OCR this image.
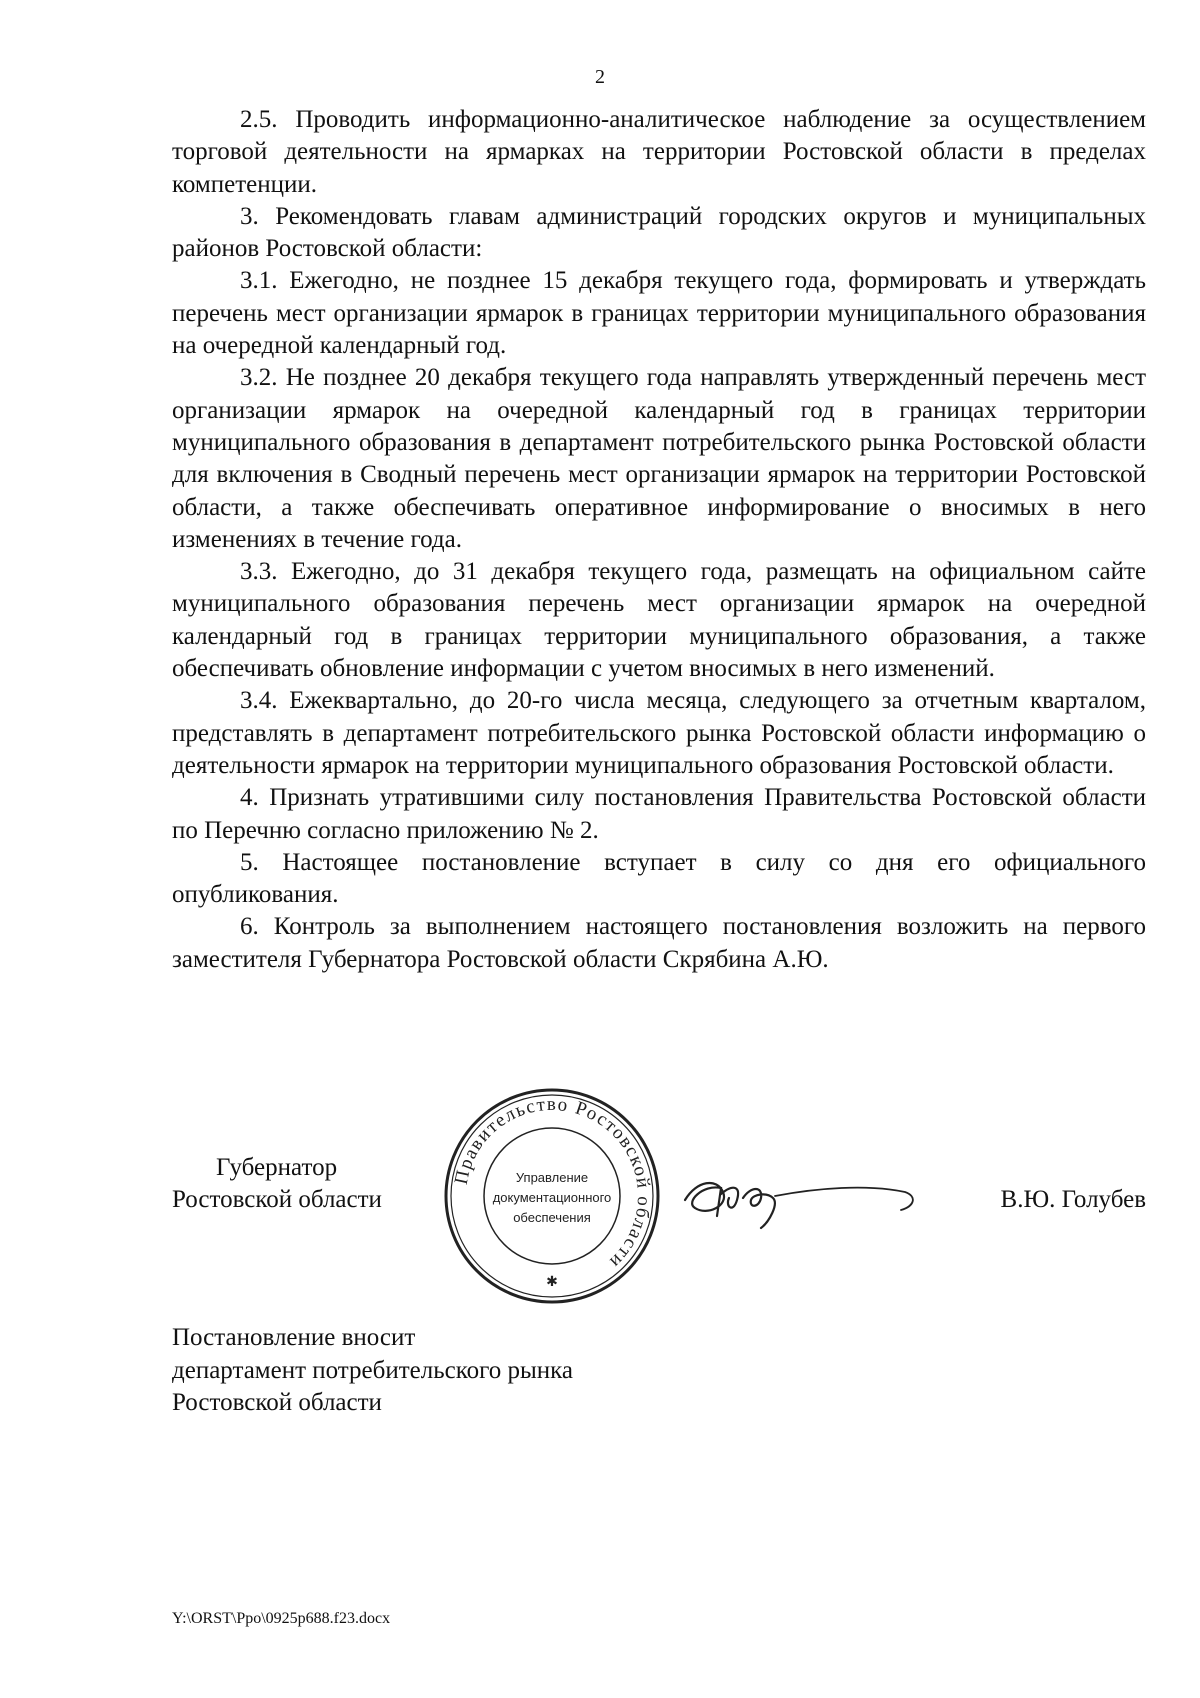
2

2.5. Проводить информационно-аналитическое наблюдение за осуществлением торговой деятельности на ярмарках на территории Ростовской области в пределах компетенции.

3. Рекомендовать главам администраций городских округов и муниципальных районов Ростовской области:

3.1. Ежегодно, не позднее 15 декабря текущего года, формировать и утверждать перечень мест организации ярмарок в границах территории муниципального образования на очередной календарный год.

3.2. Не позднее 20 декабря текущего года направлять утвержденный перечень мест организации ярмарок на очередной календарный год в границах территории муниципального образования в департамент потребительского рынка Ростовской области для включения в Сводный перечень мест организации ярмарок на территории Ростовской области, а также обеспечивать оперативное информирование о вносимых в него изменениях в течение года.

3.3. Ежегодно, до 31 декабря текущего года, размещать на официальном сайте муниципального образования перечень мест организации ярмарок на очередной календарный год в границах территории муниципального образования, а также обеспечивать обновление информации с учетом вносимых в него изменений.

3.4. Ежеквартально, до 20-го числа месяца, следующего за отчетным кварталом, представлять в департамент потребительского рынка Ростовской области информацию о деятельности ярмарок на территории муниципального образования Ростовской области.

4. Признать утратившими силу постановления Правительства Ростовской области по Перечню согласно приложению № 2.

5. Настоящее постановление вступает в силу со дня его официального опубликования.

6. Контроль за выполнением настоящего постановления возложить на первого заместителя Губернатора Ростовской области Скрябина А.Ю.

Губернатор
Ростовской области
Правительство Ростовской области
Управление
документационного
обеспечения
✱
В.Ю. Голубев
Постановление вносит
департамент потребительского рынка
Ростовской области
Y:\ORST\Ppo\0925p688.f23.docx
